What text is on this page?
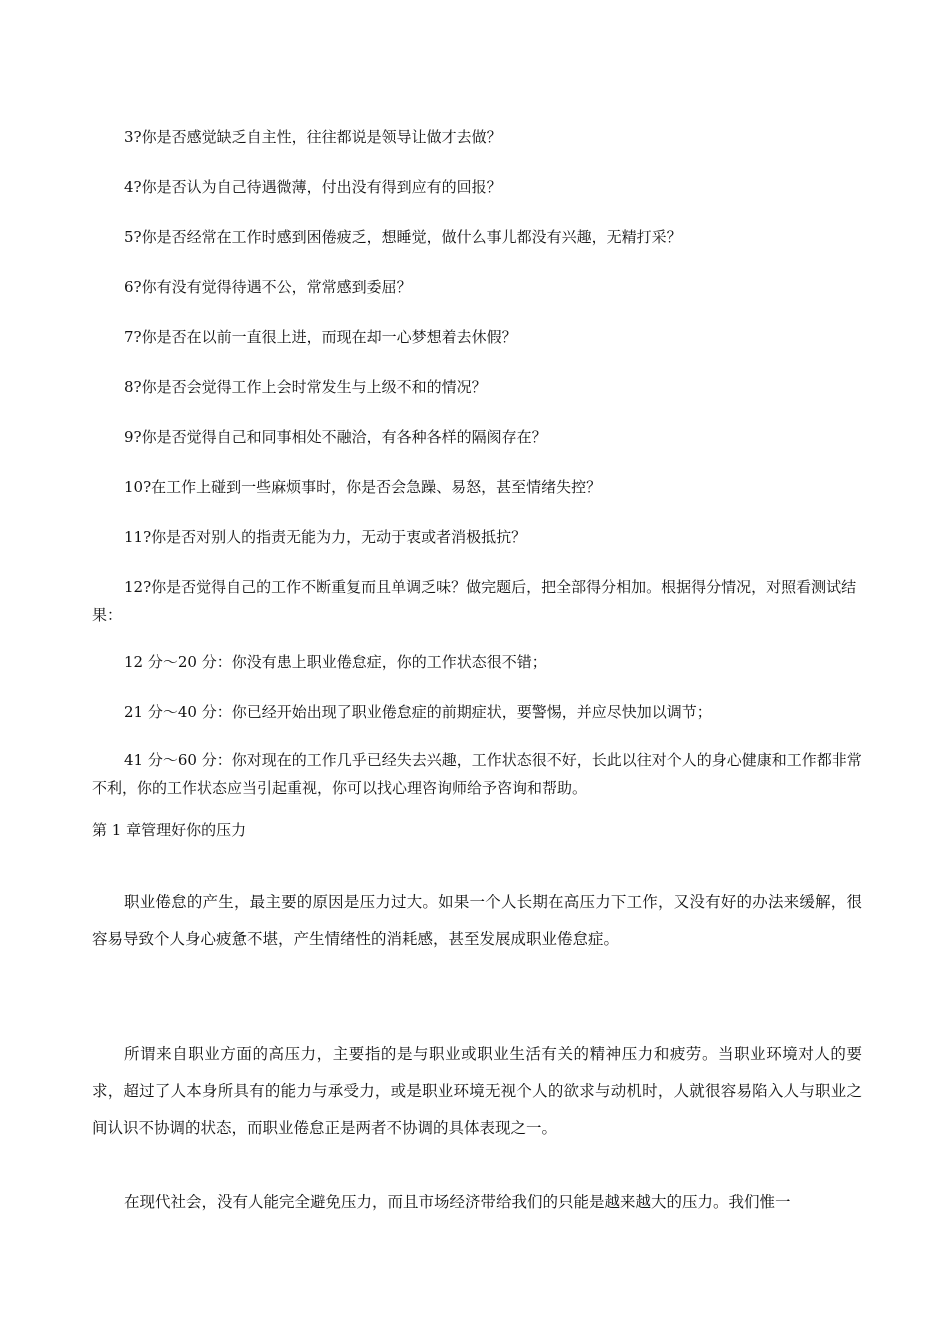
3?你是否感觉缺乏自主性，往往都说是领导让做才去做？

4?你是否认为自己待遇微薄，付出没有得到应有的回报？

5?你是否经常在工作时感到困倦疲乏，想睡觉，做什么事儿都没有兴趣，无精打采？

6?你有没有觉得待遇不公，常常感到委屈？

7?你是否在以前一直很上进，而现在却一心梦想着去休假？

8?你是否会觉得工作上会时常发生与上级不和的情况？

9?你是否觉得自己和同事相处不融洽，有各种各样的隔阂存在？

10?在工作上碰到一些麻烦事时，你是否会急躁、易怒，甚至情绪失控？

11?你是否对别人的指责无能为力，无动于衷或者消极抵抗？

12?你是否觉得自己的工作不断重复而且单调乏味？做完题后，把全部得分相加。根据得分情况，对照看测试结果：

12 分～20 分：你没有患上职业倦怠症，你的工作状态很不错；

21 分～40 分：你已经开始出现了职业倦怠症的前期症状，要警惕，并应尽快加以调节；

41 分～60 分：你对现在的工作几乎已经失去兴趣，工作状态很不好，长此以往对个人的身心健康和工作都非常不利，你的工作状态应当引起重视，你可以找心理咨询师给予咨询和帮助。

第 1 章管理好你的压力

职业倦怠的产生，最主要的原因是压力过大。如果一个人长期在高压力下工作，又没有好的办法来缓解，很容易导致个人身心疲惫不堪，产生情绪性的消耗感，甚至发展成职业倦怠症。

所谓来自职业方面的高压力，主要指的是与职业或职业生活有关的精神压力和疲劳。当职业环境对人的要求，超过了人本身所具有的能力与承受力，或是职业环境无视个人的欲求与动机时，人就很容易陷入人与职业之间认识不协调的状态，而职业倦怠正是两者不协调的具体表现之一。

在现代社会，没有人能完全避免压力，而且市场经济带给我们的只能是越来越大的压力。我们惟一
